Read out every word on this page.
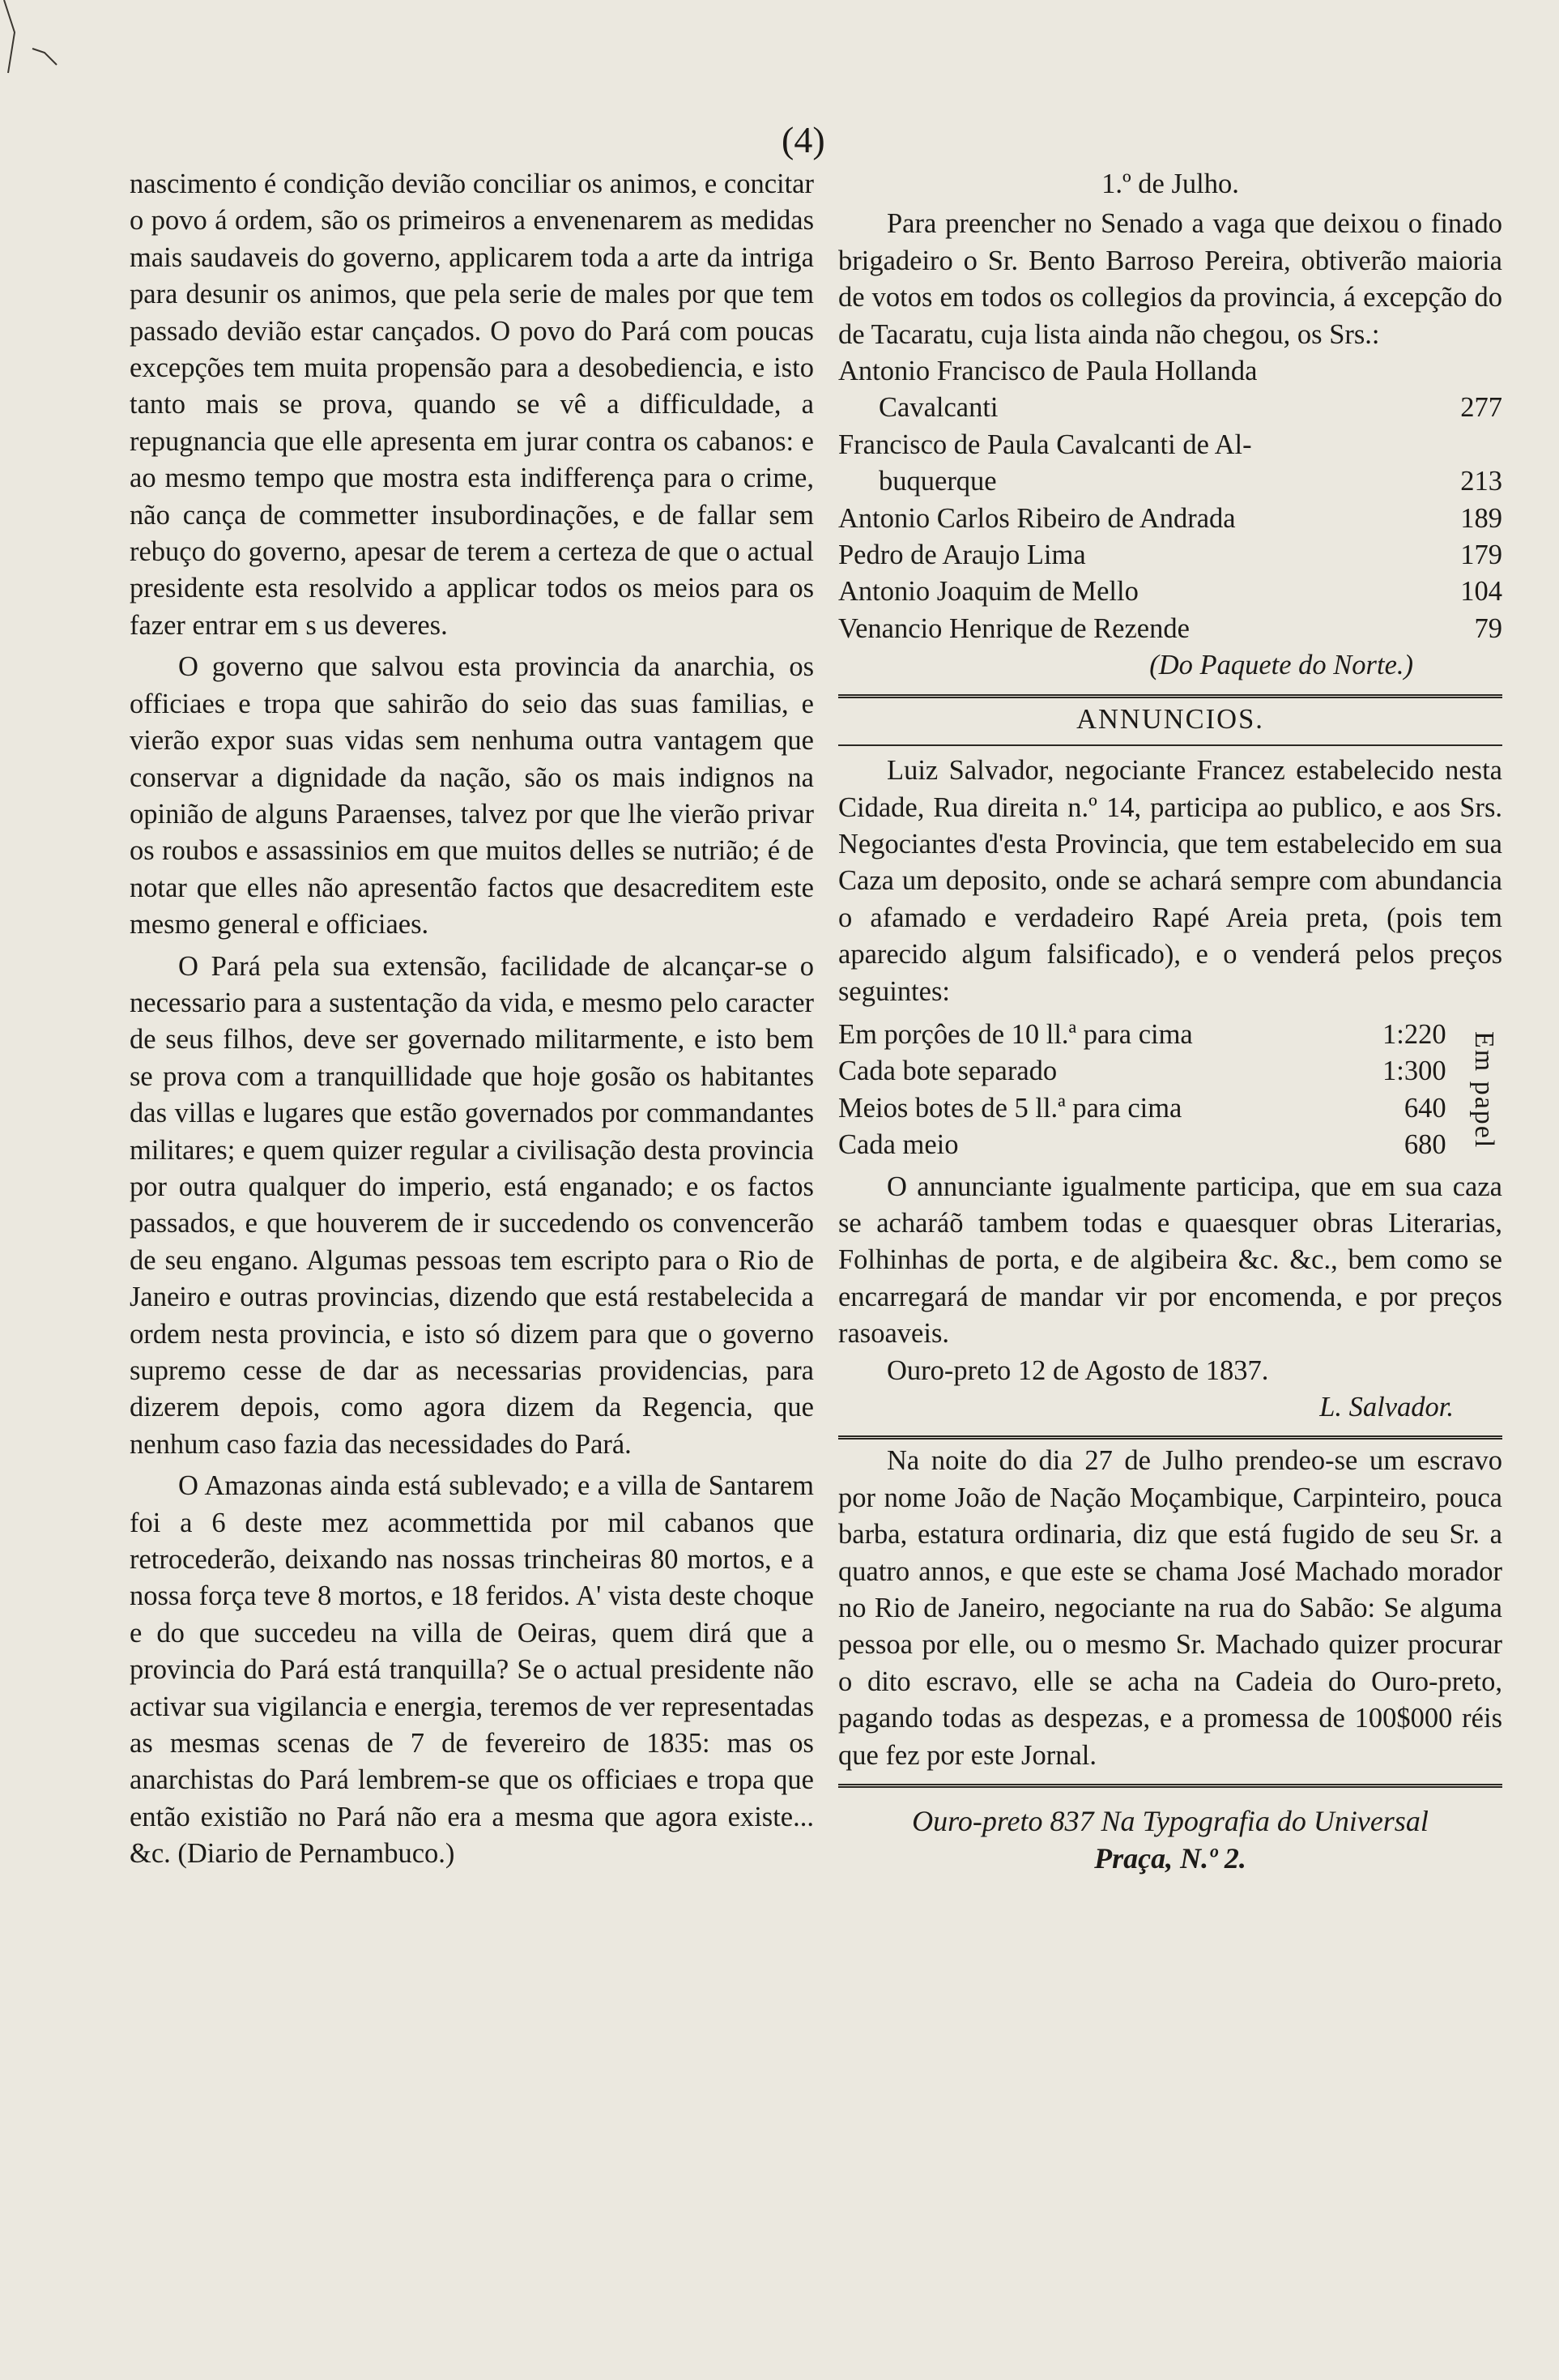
(4)

nascimento é condição devião conciliar os animos, e concitar o povo á ordem, são os primeiros a envenenarem as medidas mais saudaveis do governo, applicarem toda a arte da intriga para desunir os animos, que pela serie de males por que tem passado devião estar cançados. O povo do Pará com poucas excepções tem muita propensão para a desobediencia, e isto tanto mais se prova, quando se vê a difficuldade, a repugnancia que elle apresenta em jurar contra os cabanos: e ao mesmo tempo que mostra esta indifferença para o crime, não cança de commetter insubordinações, e de fallar sem rebuço do governo, apesar de terem a certeza de que o actual presidente esta resolvido a applicar todos os meios para os fazer entrar em s us deveres.

O governo que salvou esta provincia da anarchia, os officiaes e tropa que sahirão do seio das suas familias, e vierão expor suas vidas sem nenhuma outra vantagem que conservar a dignidade da nação, são os mais indignos na opinião de alguns Paraenses, talvez por que lhe vierão privar os roubos e assassinios em que muitos delles se nutrião; é de notar que elles não apresentão factos que desacreditem este mesmo general e officiaes.

O Pará pela sua extensão, facilidade de alcançar-se o necessario para a sustentação da vida, e mesmo pelo caracter de seus filhos, deve ser governado militarmente, e isto bem se prova com a tranquillidade que hoje gosão os habitantes das villas e lugares que estão governados por commandantes militares; e quem quizer regular a civilisação desta provincia por outra qualquer do imperio, está enganado; e os factos passados, e que houverem de ir succedendo os convencerão de seu engano. Algumas pessoas tem escripto para o Rio de Janeiro e outras provincias, dizendo que está restabelecida a ordem nesta provincia, e isto só dizem para que o governo supremo cesse de dar as necessarias providencias, para dizerem depois, como agora dizem da Regencia, que nenhum caso fazia das necessidades do Pará.

O Amazonas ainda está sublevado; e a villa de Santarem foi a 6 deste mez acommettida por mil cabanos que retrocederão, deixando nas nossas trincheiras 80 mortos, e a nossa força teve 8 mortos, e 18 feridos. A' vista deste choque e do que succedeu na villa de Oeiras, quem dirá que a provincia do Pará está tranquilla? Se o actual presidente não activar sua vigilancia e energia, teremos de ver representadas as mesmas scenas de 7 de fevereiro de 1835: mas os anarchistas do Pará lembrem-se que os officiaes e tropa que então existião no Pará não era a mesma que agora existe... &c. (Diario de Pernambuco.)

1.º de Julho.

Para preencher no Senado a vaga que deixou o finado brigadeiro o Sr. Bento Barroso Pereira, obtiverão maioria de votos em todos os collegios da provincia, á excepção do de Tacaratu, cuja lista ainda não chegou, os Srs.:

Antonio Francisco de Paula Hollanda
Cavalcanti	277
Francisco de Paula Cavalcanti de Al-
buquerque	213
Antonio Carlos Ribeiro de Andrada	189
Pedro de Araujo Lima	179
Antonio Joaquim de Mello	104
Venancio Henrique de Rezende	79
(Do Paquete do Norte.)

ANNUNCIOS.

Luiz Salvador, negociante Francez estabelecido nesta Cidade, Rua direita n.º 14, participa ao publico, e aos Srs. Negociantes d'esta Provincia, que tem estabelecido em sua Caza um deposito, onde se achará sempre com abundancia o afamado e verdadeiro Rapé Areia preta, (pois tem aparecido algum falsificado), e o venderá pelos preços seguintes:

Em porçôes de 10 ll.ª para cima	1:220
Cada bote separado	1:300
Meios botes de 5 ll.ª para cima	640
Cada meio	680 Em papel

O annunciante igualmente participa, que em sua caza se acharáõ tambem todas e quaesquer obras Literarias, Folhinhas de porta, e de algibeira &c. &c., bem como se encarregará de mandar vir por encomenda, e por preços rasoaveis.

Ouro-preto 12 de Agosto de 1837.

L. Salvador.

Na noite do dia 27 de Julho prendeo-se um escravo por nome João de Nação Moçambique, Carpinteiro, pouca barba, estatura ordinaria, diz que está fugido de seu Sr. a quatro annos, e que este se chama José Machado morador no Rio de Janeiro, negociante na rua do Sabão: Se alguma pessoa por elle, ou o mesmo Sr. Machado quizer procurar o dito escravo, elle se acha na Cadeia do Ouro-preto, pagando todas as despezas, e a promessa de 100$000 réis que fez por este Jornal.

Ouro-preto 837 Na Typografia do Universal
Praça, N.º 2.
